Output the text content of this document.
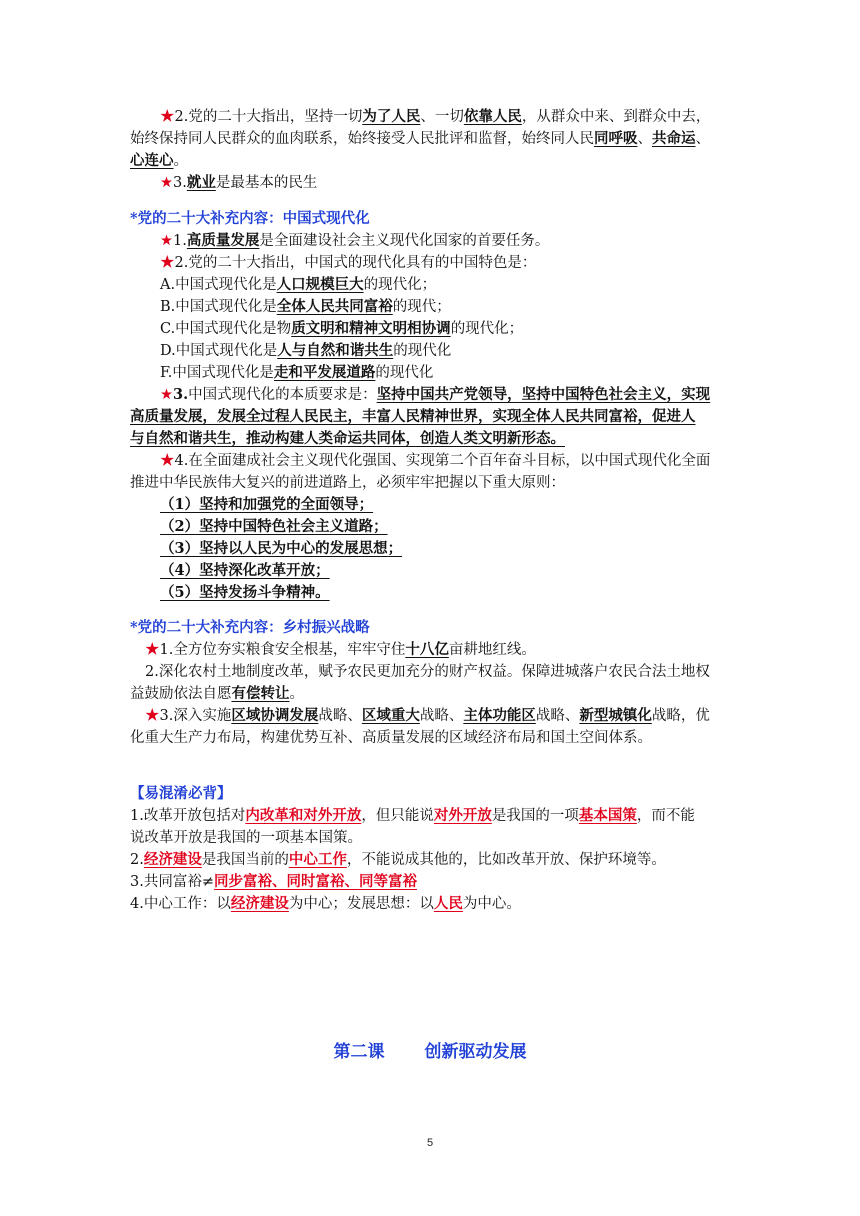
★2.党的二十大指出，坚持一切为了人民、一切依靠人民，从群众中来、到群众中去，
始终保持同人民群众的血肉联系，始终接受人民批评和监督，始终同人民同呼吸、共命运、
心连心。
★3.就业是最基本的民生
*党的二十大补充内容：中国式现代化
★1.高质量发展是全面建设社会主义现代化国家的首要任务。
★2.党的二十大指出，中国式的现代化具有的中国特色是：
A.中国式现代化是人口规模巨大的现代化；
B.中国式现代化是全体人民共同富裕的现代；
C.中国式现代化是物质文明和精神文明相协调的现代化；
D.中国式现代化是人与自然和谐共生的现代化
F.中国式现代化是走和平发展道路的现代化
★3.中国式现代化的本质要求是：坚持中国共产党领导，坚持中国特色社会主义，实现
高质量发展，发展全过程人民民主，丰富人民精神世界，实现全体人民共同富裕，促进人
与自然和谐共生，推动构建人类命运共同体，创造人类文明新形态。
★4.在全面建成社会主义现代化强国、实现第二个百年奋斗目标，以中国式现代化全面
推进中华民族伟大复兴的前进道路上，必须牢牢把握以下重大原则：
（1）坚持和加强党的全面领导；
（2）坚持中国特色社会主义道路；
（3）坚持以人民为中心的发展思想；
（4）坚持深化改革开放；
（5）坚持发扬斗争精神。
*党的二十大补充内容：乡村振兴战略
★1.全方位夯实粮食安全根基，牢牢守住十八亿亩耕地红线。
2.深化农村土地制度改革，赋予农民更加充分的财产权益。保障进城落户农民合法土地权
益鼓励依法自愿有偿转让。
★3.深入实施区域协调发展战略、区域重大战略、主体功能区战略、新型城镇化战略，优
化重大生产力布局，构建优势互补、高质量发展的区域经济布局和国土空间体系。
【易混淆必背】
1.改革开放包括对内改革和对外开放，但只能说对外开放是我国的一项基本国策，而不能
说改革开放是我国的一项基本国策。
2.经济建设是我国当前的中心工作，不能说成其他的，比如改革开放、保护环境等。
3.共同富裕≠同步富裕、同时富裕、同等富裕
4.中心工作：以经济建设为中心；发展思想：以人民为中心。
第二课 创新驱动发展
5
